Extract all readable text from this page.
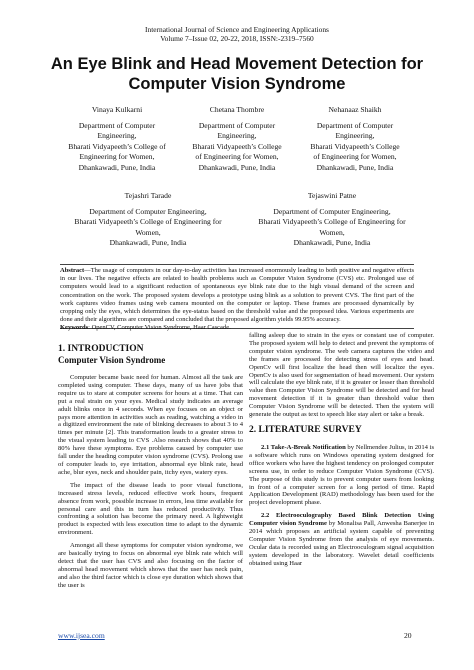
International Journal of Science and Engineering Applications
Volume 7–Issue 02, 20-22, 2018, ISSN:-2319–7560
An Eye Blink and Head Movement Detection for
Computer Vision Syndrome
Vinaya Kulkarni
Department of Computer
Engineering,
Bharati Vidyapeeth’s College of
Engineering for Women,
Dhankawadi, Pune, India
Chetana Thombre
Department of Computer
Engineering,
Bharati Vidyapeeth’s College
of Engineering for Women,
Dhankawadi, Pune, India
Nehanaaz Shaikh
Department of Computer
Engineering,
Bharati Vidyapeeth’s College
of Engineering for Women,
Dhankawadi, Pune, India
Tejashri Tarade
Department of Computer Engineering,
Bharati Vidyapeeth’s College of Engineering for
Women,
Dhankawadi, Pune, India
Tejaswini Patne
Department of Computer Engineering,
Bharati Vidyapeeth’s College of Engineering for
Women,
Dhankawadi, Pune, India
Abstract—The usage of computers in our day-to-day activities has increased enormously leading to both positive and negative effects in our lives. The negative effects are related to health problems such as Computer Vision Syndrome (CVS) etc. Prolonged use of computers would lead to a significant reduction of spontaneous eye blink rate due to the high visual demand of the screen and concentration on the work. The proposed system develops a prototype using blink as a solution to prevent CVS. The first part of the work captures video frames using web camera mounted on the computer or laptop. These frames are processed dynamically by cropping only the eyes, which determines the eye-status based on the threshold value and the proposed idea. Various experiments are done and their algorithms are compared and concluded that the proposed algorithm yields 99.95% accuracy.
Keywords: OpenCV, Computer Vision Syndrome, Haar Cascade.
1. INTRODUCTION
Computer Vision Syndrome

Computer became basic need for human. Almost all the task are completed using computer. These days, many of us have jobs that require us to stare at computer screens for hours at a time. That can put a real strain on your eyes. Medical study indicates an average adult blinks once in 4 seconds. When eye focuses on an object or pays more attention in activities such as reading, watching a video in a digitized environment the rate of blinking decreases to about 3 to 4 times per minute [2]. This transformation leads to a greater stress to the visual system leading to CVS .Also research shows that 40% to 80% have these symptoms. Eye problems caused by computer use fall under the heading computer vision syndrome (CVS). Prolong use of computer leads to, eye irritation, abnormal eye blink rate, head ache, blur eyes, neck and shoulder pain, itchy eyes, watery eyes.

The impact of the disease leads to poor visual functions, increased stress levels, reduced effective work hours, frequent absence from work, possible increase in errors, less time available for personal care and this in turn has reduced productivity. Thus confronting a solution has become the primary need. A lightweight product is expected with less execution time to adapt to the dynamic environment.

Amongst all these symptoms for computer vision syndrome, we are basically trying to focus on abnormal eye blink rate which will detect that the user has CVS and also focusing on the factor of abnormal head movement which shows that the user has neck pain, and also the third factor which is close eye duration which shows that the user is

falling asleep due to strain in the eyes or constant use of computer. The proposed system will help to detect and prevent the symptoms of computer vision syndrome. The web camera captures the video and the frames are processed for detecting stress of eyes and head. OpenCv will first localize the head then will localize the eyes. OpenCv is also used for segmentation of head movement. Our system will calculate the eye blink rate, if it is greater or lesser than threshold value then Computer Vision Syndrome will be detected and for head movement detection if it is greater than threshold value then Computer Vision Syndrome will be detected. Then the system will generate the output as text to speech like stay alert or take a break.

2. LITERATURE SURVEY

2.1 Take-A-Break Notification by Nellmendee Julius, in 2014 is a software which runs on Windows operating system designed for office workers who have the highest tendency on prolonged computer screens use, in order to reduce Computer Vision Syndrome (CVS). The purpose of this study is to prevent computer users from looking in front of a computer screen for a long period of time. Rapid Application Development (RAD) methodology has been used for the project development phase.

2.2 Electrooculography Based Blink Detection Using Computer vision Syndrome by Monalisa Pall, Anwesha Banerjee in 2014 which proposes an artificial system capable of preventing Computer Vision Syndrome from the analysis of eye movements. Ocular data is recorded using an Electrooculogram signal acquisition system developed in the laboratory. Wavelet detail coefficients obtained using Haar

www.ijsea.com	20
